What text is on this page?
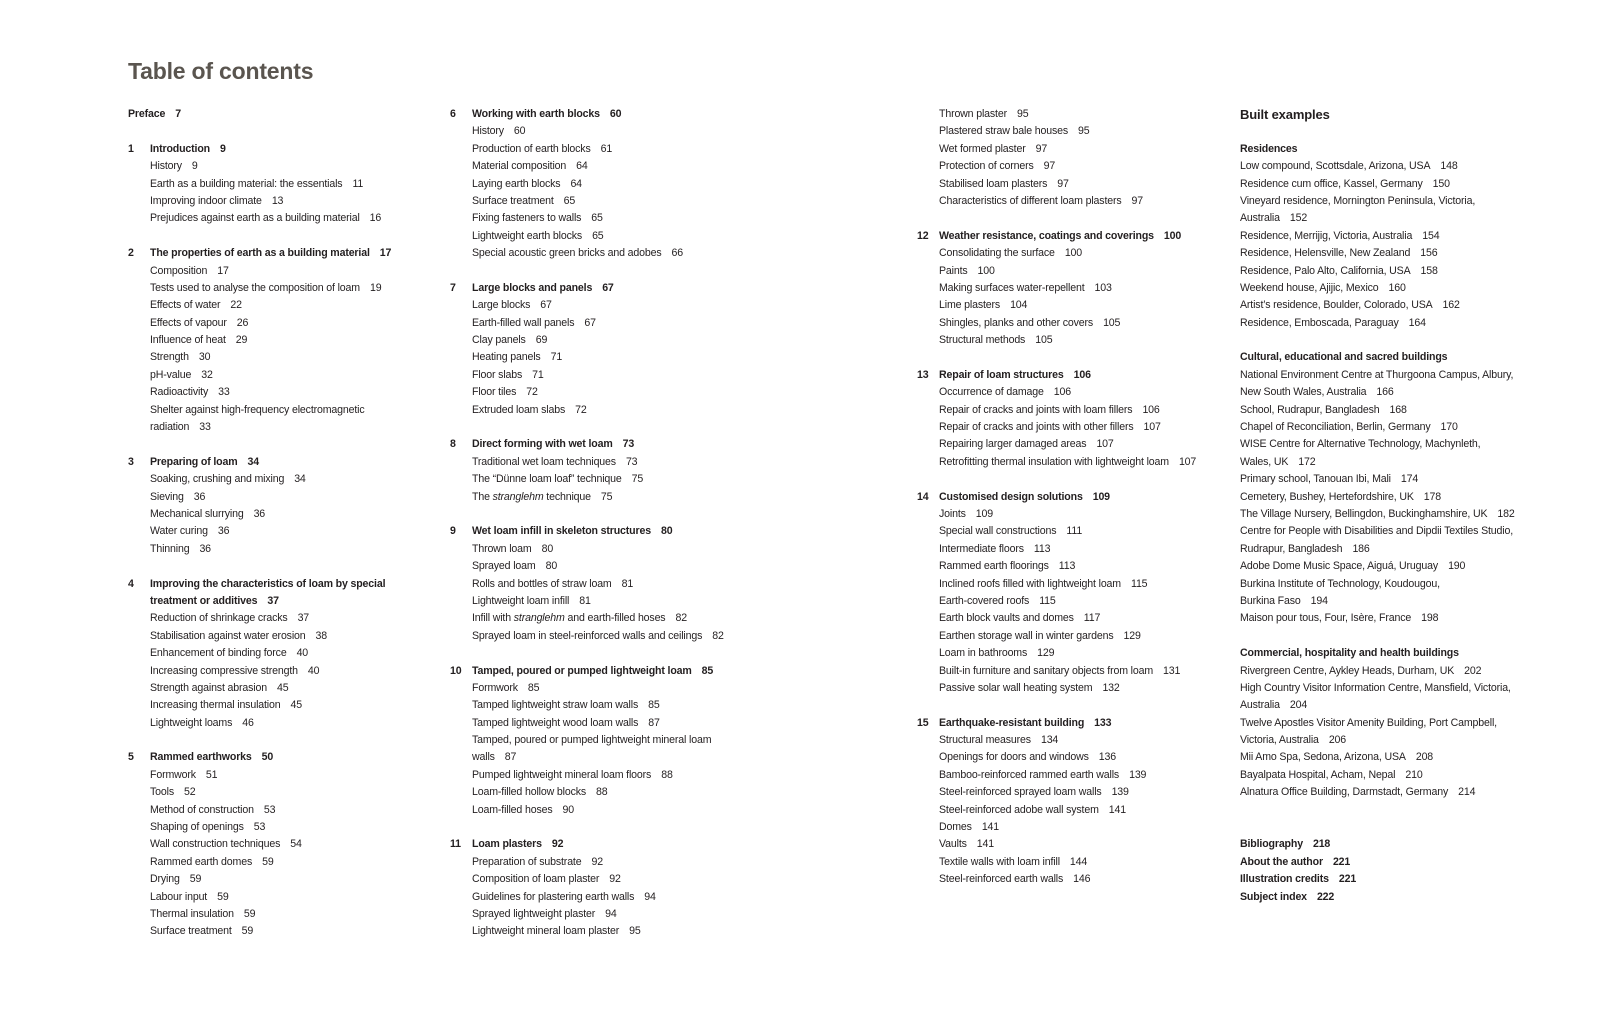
Table of contents
Preface 7
1 Introduction 9
History 9
Earth as a building material: the essentials 11
Improving indoor climate 13
Prejudices against earth as a building material 16
2 The properties of earth as a building material 17
Composition 17
Tests used to analyse the composition of loam 19
Effects of water 22
Effects of vapour 26
Influence of heat 29
Strength 30
pH-value 32
Radioactivity 33
Shelter against high-frequency electromagnetic
radiation 33
3 Preparing of loam 34
Soaking, crushing and mixing 34
Sieving 36
Mechanical slurrying 36
Water curing 36
Thinning 36
4 Improving the characteristics of loam by special
treatment or additives 37
Reduction of shrinkage cracks 37
Stabilisation against water erosion 38
Enhancement of binding force 40
Increasing compressive strength 40
Strength against abrasion 45
Increasing thermal insulation 45
Lightweight loams 46
5 Rammed earthworks 50
Formwork 51
Tools 52
Method of construction 53
Shaping of openings 53
Wall construction techniques 54
Rammed earth domes 59
Drying 59
Labour input 59
Thermal insulation 59
Surface treatment 59
6 Working with earth blocks 60
History 60
Production of earth blocks 61
Material composition 64
Laying earth blocks 64
Surface treatment 65
Fixing fasteners to walls 65
Lightweight earth blocks 65
Special acoustic green bricks and adobes 66
7 Large blocks and panels 67
Large blocks 67
Earth-filled wall panels 67
Clay panels 69
Heating panels 71
Floor slabs 71
Floor tiles 72
Extruded loam slabs 72
8 Direct forming with wet loam 73
Traditional wet loam techniques 73
The “Dünne loam loaf” technique 75
The stranglehm technique 75
9 Wet loam infill in skeleton structures 80
Thrown loam 80
Sprayed loam 80
Rolls and bottles of straw loam 81
Lightweight loam infill 81
Infill with stranglehm and earth-filled hoses 82
Sprayed loam in steel-reinforced walls and ceilings 82
10 Tamped, poured or pumped lightweight loam 85
Formwork 85
Tamped lightweight straw loam walls 85
Tamped lightweight wood loam walls 87
Tamped, poured or pumped lightweight mineral loam
walls 87
Pumped lightweight mineral loam floors 88
Loam-filled hollow blocks 88
Loam-filled hoses 90
11 Loam plasters 92
Preparation of substrate 92
Composition of loam plaster 92
Guidelines for plastering earth walls 94
Sprayed lightweight plaster 94
Lightweight mineral loam plaster 95
Thrown plaster 95
Plastered straw bale houses 95
Wet formed plaster 97
Protection of corners 97
Stabilised loam plasters 97
Characteristics of different loam plasters 97
12 Weather resistance, coatings and coverings 100
Consolidating the surface 100
Paints 100
Making surfaces water-repellent 103
Lime plasters 104
Shingles, planks and other covers 105
Structural methods 105
13 Repair of loam structures 106
Occurrence of damage 106
Repair of cracks and joints with loam fillers 106
Repair of cracks and joints with other fillers 107
Repairing larger damaged areas 107
Retrofitting thermal insulation with lightweight loam 107
14 Customised design solutions 109
Joints 109
Special wall constructions 111
Intermediate floors 113
Rammed earth floorings 113
Inclined roofs filled with lightweight loam 115
Earth-covered roofs 115
Earth block vaults and domes 117
Earthen storage wall in winter gardens 129
Loam in bathrooms 129
Built-in furniture and sanitary objects from loam 131
Passive solar wall heating system 132
15 Earthquake-resistant building 133
Structural measures 134
Openings for doors and windows 136
Bamboo-reinforced rammed earth walls 139
Steel-reinforced sprayed loam walls 139
Steel-reinforced adobe wall system 141
Domes 141
Vaults 141
Textile walls with loam infill 144
Steel-reinforced earth walls 146
Built examples
Residences
Low compound, Scottsdale, Arizona, USA 148
Residence cum office, Kassel, Germany 150
Vineyard residence, Mornington Peninsula, Victoria,
Australia 152
Residence, Merrijig, Victoria, Australia 154
Residence, Helensville, New Zealand 156
Residence, Palo Alto, California, USA 158
Weekend house, Ajijic, Mexico 160
Artist’s residence, Boulder, Colorado, USA 162
Residence, Emboscada, Paraguay 164
Cultural, educational and sacred buildings
National Environment Centre at Thurgoona Campus, Albury,
New South Wales, Australia 166
School, Rudrapur, Bangladesh 168
Chapel of Reconciliation, Berlin, Germany 170
WISE Centre for Alternative Technology, Machynleth,
Wales, UK 172
Primary school, Tanouan Ibi, Mali 174
Cemetery, Bushey, Hertefordshire, UK 178
The Village Nursery, Bellingdon, Buckinghamshire, UK 182
Centre for People with Disabilities and Dipdii Textiles Studio,
Rudrapur, Bangladesh 186
Adobe Dome Music Space, Aiguá, Uruguay 190
Burkina Institute of Technology, Koudougou,
Burkina Faso 194
Maison pour tous, Four, Isère, France 198
Commercial, hospitality and health buildings
Rivergreen Centre, Aykley Heads, Durham, UK 202
High Country Visitor Information Centre, Mansfield, Victoria,
Australia 204
Twelve Apostles Visitor Amenity Building, Port Campbell,
Victoria, Australia 206
Mii Amo Spa, Sedona, Arizona, USA 208
Bayalpata Hospital, Acham, Nepal 210
Alnatura Office Building, Darmstadt, Germany 214
Bibliography 218
About the author 221
Illustration credits 221
Subject index 222
